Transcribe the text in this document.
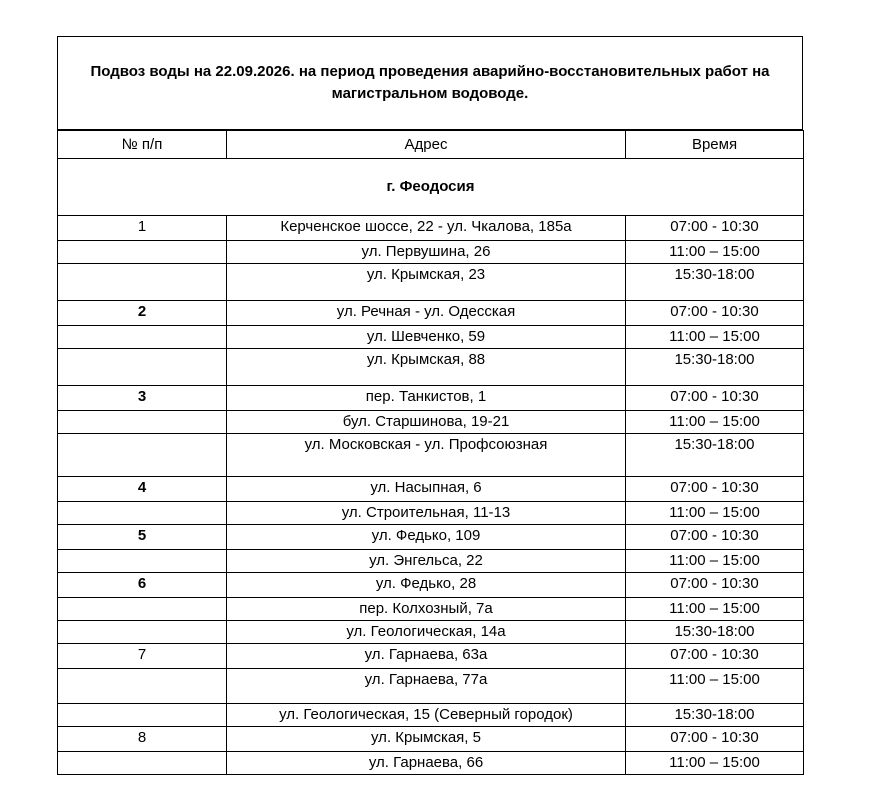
Подвоз воды на 22.09.2026. на период проведения аварийно-восстановительных работ на магистральном водоводе.
№ п/п	Адрес	Время
г. Феодосия		
1	Керченское шоссе, 22 - ул. Чкалова, 185а	07:00 - 10:30
	ул. Первушина, 26	11:00 – 15:00
	ул. Крымская, 23	15:30-18:00
2	ул. Речная - ул. Одесская	07:00 - 10:30
	ул. Шевченко, 59	11:00 – 15:00
	ул. Крымская, 88	15:30-18:00
3	пер. Танкистов, 1	07:00 - 10:30
	бул. Старшинова, 19-21	11:00 – 15:00
	ул. Московская - ул. Профсоюзная	15:30-18:00
4	ул. Насыпная, 6	07:00 - 10:30
	ул. Строительная, 11-13	11:00 – 15:00
5	ул. Федько, 109	07:00 - 10:30
	ул. Энгельса, 22	11:00 – 15:00
6	ул. Федько, 28	07:00 - 10:30
	пер. Колхозный, 7а	11:00 – 15:00
	ул. Геологическая, 14а	15:30-18:00
7	ул. Гарнаева, 63а	07:00 - 10:30
	ул. Гарнаева, 77а	11:00 – 15:00
	ул. Геологическая, 15 (Северный городок)	15:30-18:00
8	ул. Крымская, 5	07:00 - 10:30
	ул. Гарнаева, 66	11:00 – 15:00
